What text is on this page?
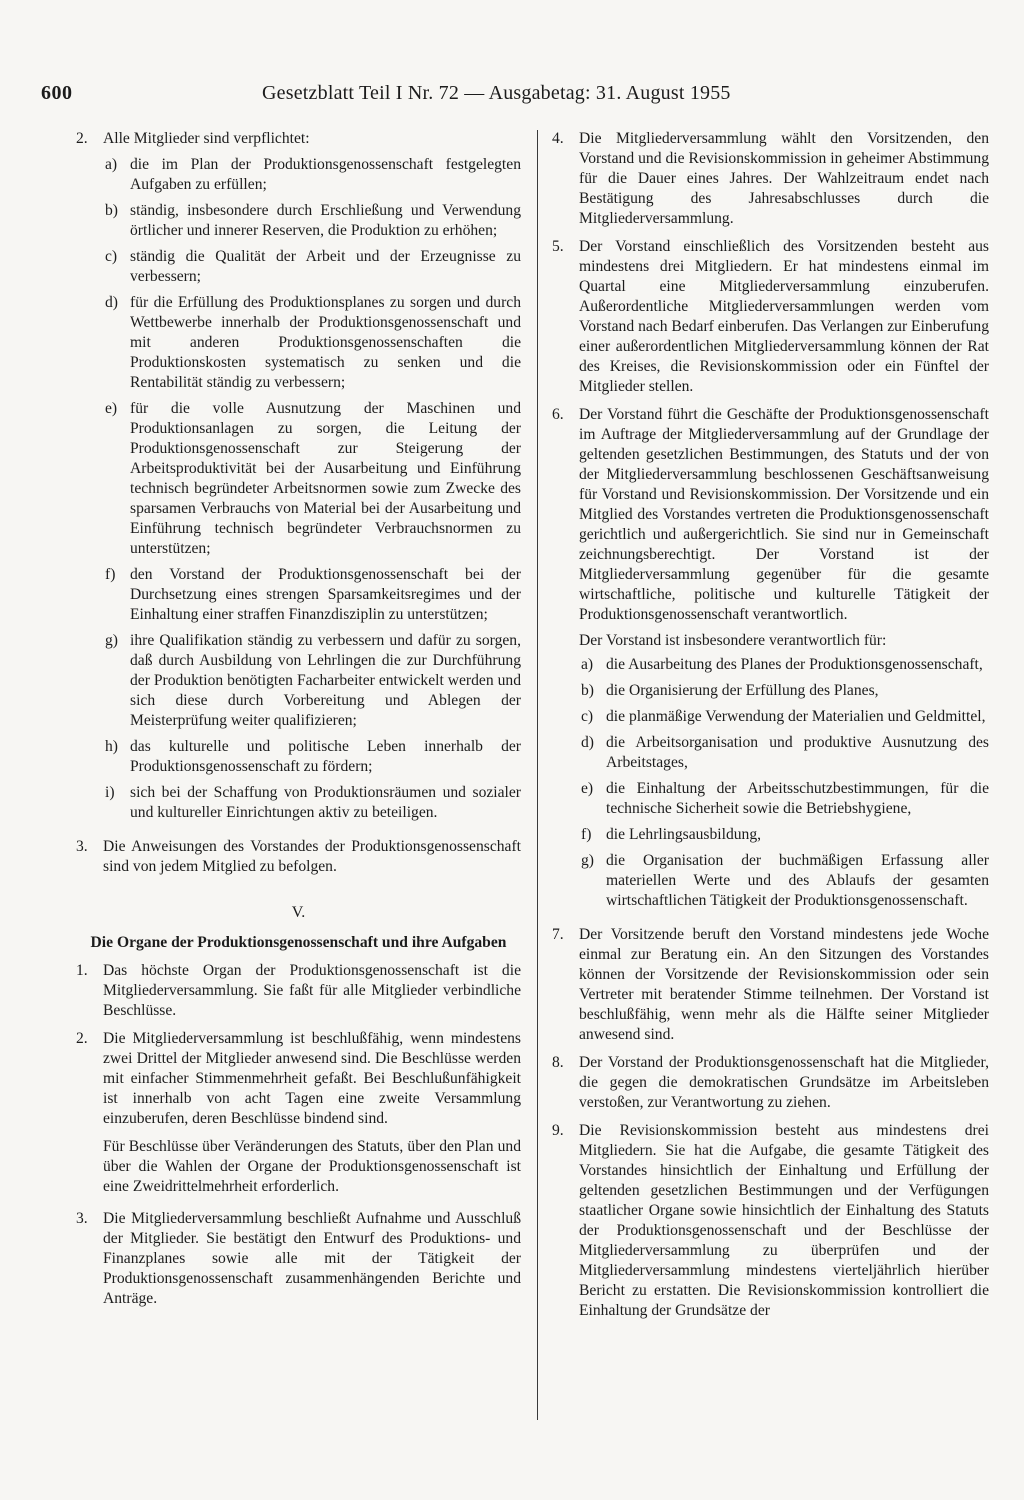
600	Gesetzblatt Teil I Nr. 72 — Ausgabetag: 31. August 1955
2. Alle Mitglieder sind verpflichtet:
a) die im Plan der Produktionsgenossenschaft festgelegten Aufgaben zu erfüllen;
b) ständig, insbesondere durch Erschließung und Verwendung örtlicher und innerer Reserven, die Produktion zu erhöhen;
c) ständig die Qualität der Arbeit und der Erzeugnisse zu verbessern;
d) für die Erfüllung des Produktionsplanes zu sorgen und durch Wettbewerbe innerhalb der Produktionsgenossenschaft und mit anderen Produktionsgenossenschaften die Produktionskosten systematisch zu senken und die Rentabilität ständig zu verbessern;
e) für die volle Ausnutzung der Maschinen und Produktionsanlagen zu sorgen, die Leitung der Produktionsgenossenschaft zur Steigerung der Arbeitsproduktivität bei der Ausarbeitung und Einführung technisch begründeter Arbeitsnormen sowie zum Zwecke des sparsamen Verbrauchs von Material bei der Ausarbeitung und Einführung technisch begründeter Verbrauchsnormen zu unterstützen;
f) den Vorstand der Produktionsgenossenschaft bei der Durchsetzung eines strengen Sparsamkeitsregimes und der Einhaltung einer straffen Finanzdisziplin zu unterstützen;
g) ihre Qualifikation ständig zu verbessern und dafür zu sorgen, daß durch Ausbildung von Lehrlingen die zur Durchführung der Produktion benötigten Facharbeiter entwickelt werden und sich diese durch Vorbereitung und Ablegen der Meisterprüfung weiter qualifizieren;
h) das kulturelle und politische Leben innerhalb der Produktionsgenossenschaft zu fördern;
i) sich bei der Schaffung von Produktionsräumen und sozialer und kultureller Einrichtungen aktiv zu beteiligen.
3. Die Anweisungen des Vorstandes der Produktionsgenossenschaft sind von jedem Mitglied zu befolgen.
V.
Die Organe der Produktionsgenossenschaft und ihre Aufgaben
1. Das höchste Organ der Produktionsgenossenschaft ist die Mitgliederversammlung. Sie faßt für alle Mitglieder verbindliche Beschlüsse.
2. Die Mitgliederversammlung ist beschlußfähig, wenn mindestens zwei Drittel der Mitglieder anwesend sind. Die Beschlüsse werden mit einfacher Stimmenmehrheit gefaßt. Bei Beschlußunfähigkeit ist innerhalb von acht Tagen eine zweite Versammlung einzuberufen, deren Beschlüsse bindend sind.
Für Beschlüsse über Veränderungen des Statuts, über den Plan und über die Wahlen der Organe der Produktionsgenossenschaft ist eine Zweidrittelmehrheit erforderlich.
3. Die Mitgliederversammlung beschließt Aufnahme und Ausschluß der Mitglieder. Sie bestätigt den Entwurf des Produktions- und Finanzplanes sowie alle mit der Tätigkeit der Produktionsgenossenschaft zusammenhängenden Berichte und Anträge.
4. Die Mitgliederversammlung wählt den Vorsitzenden, den Vorstand und die Revisionskommission in geheimer Abstimmung für die Dauer eines Jahres. Der Wahlzeitraum endet nach Bestätigung des Jahresabschlusses durch die Mitgliederversammlung.
5. Der Vorstand einschließlich des Vorsitzenden besteht aus mindestens drei Mitgliedern. Er hat mindestens einmal im Quartal eine Mitgliederversammlung einzuberufen. Außerordentliche Mitgliederversammlungen werden vom Vorstand nach Bedarf einberufen. Das Verlangen zur Einberufung einer außerordentlichen Mitgliederversammlung können der Rat des Kreises, die Revisionskommission oder ein Fünftel der Mitglieder stellen.
6. Der Vorstand führt die Geschäfte der Produktionsgenossenschaft im Auftrage der Mitgliederversammlung auf der Grundlage der geltenden gesetzlichen Bestimmungen, des Statuts und der von der Mitgliederversammlung beschlossenen Geschäftsanweisung für Vorstand und Revisionskommission. Der Vorsitzende und ein Mitglied des Vorstandes vertreten die Produktionsgenossenschaft gerichtlich und außergerichtlich. Sie sind nur in Gemeinschaft zeichnungsberechtigt. Der Vorstand ist der Mitgliederversammlung gegenüber für die gesamte wirtschaftliche, politische und kulturelle Tätigkeit der Produktionsgenossenschaft verantwortlich.
Der Vorstand ist insbesondere verantwortlich für:
a) die Ausarbeitung des Planes der Produktionsgenossenschaft,
b) die Organisierung der Erfüllung des Planes,
c) die planmäßige Verwendung der Materialien und Geldmittel,
d) die Arbeitsorganisation und produktive Ausnutzung des Arbeitstages,
e) die Einhaltung der Arbeitsschutzbestimmungen, für die technische Sicherheit sowie die Betriebshygiene,
f) die Lehrlingsausbildung,
g) die Organisation der buchmäßigen Erfassung aller materiellen Werte und des Ablaufs der gesamten wirtschaftlichen Tätigkeit der Produktionsgenossenschaft.
7. Der Vorsitzende beruft den Vorstand mindestens jede Woche einmal zur Beratung ein. An den Sitzungen des Vorstandes können der Vorsitzende der Revisionskommission oder sein Vertreter mit beratender Stimme teilnehmen. Der Vorstand ist beschlußfähig, wenn mehr als die Hälfte seiner Mitglieder anwesend sind.
8. Der Vorstand der Produktionsgenossenschaft hat die Mitglieder, die gegen die demokratischen Grundsätze im Arbeitsleben verstoßen, zur Verantwortung zu ziehen.
9. Die Revisionskommission besteht aus mindestens drei Mitgliedern. Sie hat die Aufgabe, die gesamte Tätigkeit des Vorstandes hinsichtlich der Einhaltung und Erfüllung der geltenden gesetzlichen Bestimmungen und der Verfügungen staatlicher Organe sowie hinsichtlich der Einhaltung des Statuts der Produktionsgenossenschaft und der Beschlüsse der Mitgliederversammlung zu überprüfen und der Mitgliederversammlung mindestens vierteljährlich hierüber Bericht zu erstatten. Die Revisionskommission kontrolliert die Einhaltung der Grundsätze der
